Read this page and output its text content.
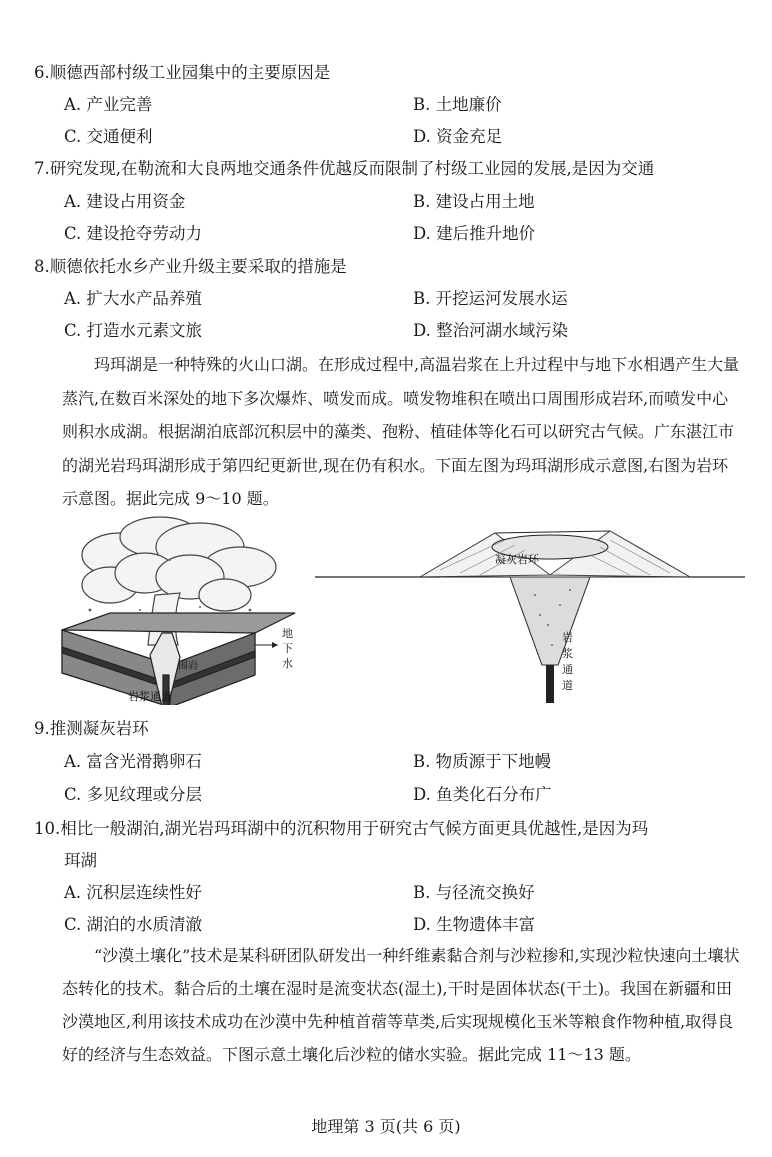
6.顺德西部村级工业园集中的主要原因是
A. 产业完善	B. 土地廉价
C. 交通便利	D. 资金充足
7.研究发现,在勒流和大良两地交通条件优越反而限制了村级工业园的发展,是因为交通
A. 建设占用资金	B. 建设占用土地
C. 建设抢夺劳动力	D. 建后推升地价
8.顺德依托水乡产业升级主要采取的措施是
A. 扩大水产品养殖	B. 开挖运河发展水运
C. 打造水元素文旅	D. 整治河湖水域污染
玛珥湖是一种特殊的火山口湖。在形成过程中,高温岩浆在上升过程中与地下水相遇产生大量蒸汽,在数百米深处的地下多次爆炸、喷发而成。喷发物堆积在喷出口周围形成岩环,而喷发中心则积水成湖。根据湖泊底部沉积层中的藻类、孢粉、植硅体等化石可以研究古气候。广东湛江市的湖光岩玛珥湖形成于第四纪更新世,现在仍有积水。下面左图为玛珥湖形成示意图,右图为岩环示意图。据此完成 9～10 题。
围岩
岩浆通道
地
下
水
凝灰岩环
岩
浆
通
道
9.推测凝灰岩环
A. 富含光滑鹅卵石	B. 物质源于下地幔
C. 多见纹理或分层	D. 鱼类化石分布广
10.相比一般湖泊,湖光岩玛珥湖中的沉积物用于研究古气候方面更具优越性,是因为玛
珥湖
A. 沉积层连续性好	B. 与径流交换好
C. 湖泊的水质清澈	D. 生物遗体丰富
“沙漠土壤化”技术是某科研团队研发出一种纤维素黏合剂与沙粒掺和,实现沙粒快速向土壤状态转化的技术。黏合后的土壤在湿时是流变状态(湿土),干时是固体状态(干土)。我国在新疆和田沙漠地区,利用该技术成功在沙漠中先种植首蓿等草类,后实现规模化玉米等粮食作物种植,取得良好的经济与生态效益。下图示意土壤化后沙粒的储水实验。据此完成 11～13 题。
地理第 3 页(共 6 页)
